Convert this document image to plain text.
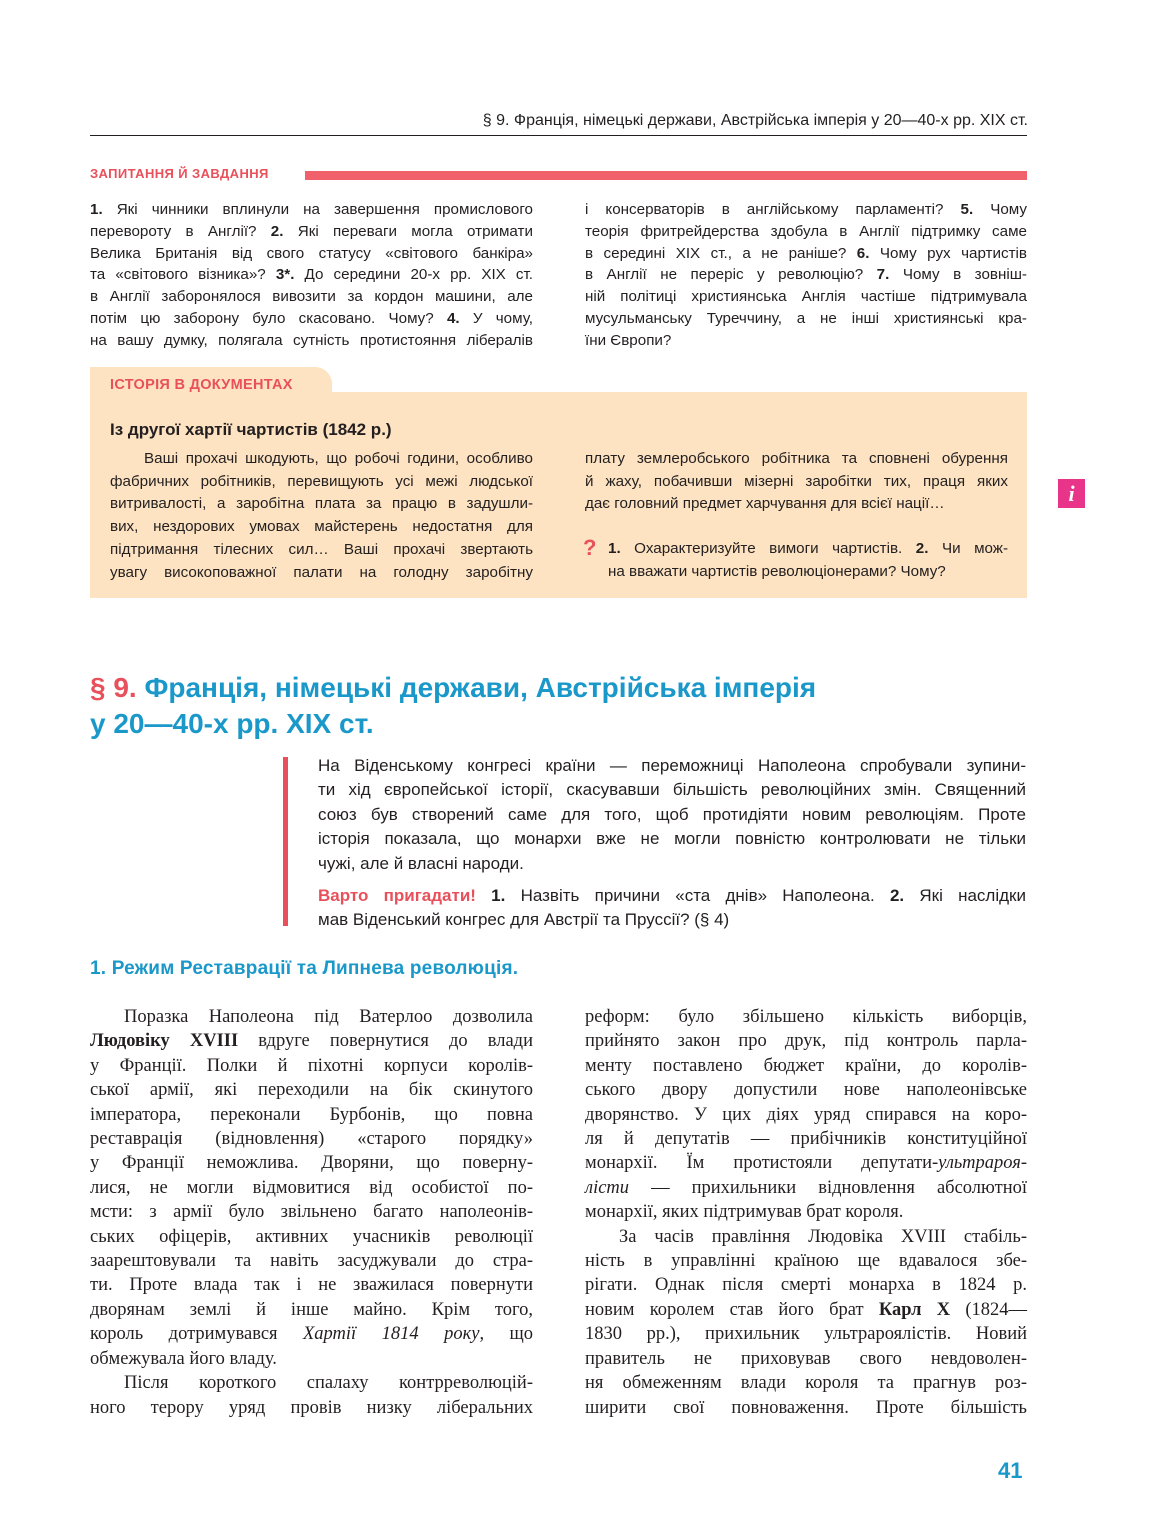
§ 9. Франція, німецькі держави, Австрійська імперія у 20—40-х рр. ХІХ ст.
ЗАПИТАННЯ Й ЗАВДАННЯ
1. Які чинники вплинули на завершення промислового
перевороту в Англії? 2. Які переваги могла отримати
Велика Британія від свого статусу «світового банкіра»
та «світового візника»? 3*. До середини 20-х рр. ХІХ ст.
в Англії заборонялося вивозити за кордон машини, але
потім цю заборону було скасовано. Чому? 4. У чому,
на вашу думку, полягала сутність протистояння лібералів
і консерваторів в англійському парламенті? 5. Чому
теорія фритрейдерства здобула в Англії підтримку саме
в середині ХІХ ст., а не раніше? 6. Чому рух чартистів
в Англії не переріс у революцію? 7. Чому в зовніш-
ній політиці християнська Англія частіше підтримувала
мусульманську Туреччину, а не інші християнські кра-
їни Європи?
ІСТОРІЯ В ДОКУМЕНТАХ
Із другої хартії чартистів (1842 р.)
Ваші прохачі шкодують, що робочі години, особливо
фабричних робітників, перевищують усі межі людської
витривалості, а заробітна плата за працю в задушли-
вих, нездорових умовах майстерень недостатня для
підтримання тілесних сил… Ваші прохачі звертають
увагу високоповажної палати на голодну заробітну
плату землеробського робітника та сповнені обурення
й жаху, побачивши мізерні заробітки тих, праця яких
дає головний предмет харчування для всієї нації…
? 1. Охарактеризуйте вимоги чартистів. 2. Чи мож-
на вважати чартистів революціонерами? Чому?
i
§ 9. Франція, німецькі держави, Австрійська імперія
у 20—40-х рр. ХІХ ст.
На Віденському конгресі країни — переможниці Наполеона спробували зупини-
ти хід європейської історії, скасувавши більшість революційних змін. Священний
союз був створений саме для того, щоб протидіяти новим революціям. Проте
історія показала, що монархи вже не могли повністю контролювати не тільки
чужі, але й власні народи.
Варто пригадати! 1. Назвіть причини «ста днів» Наполеона. 2. Які наслідки
мав Віденський конгрес для Австрії та Пруссії? (§ 4)
1. Режим Реставрації та Липнева революція.
Поразка Наполеона під Ватерлоо дозволила
Людовіку XVIII вдруге повернутися до влади
у Франції. Полки й піхотні корпуси королів-
ської армії, які переходили на бік скинутого
імператора, переконали Бурбонів, що повна
реставрація (відновлення) «старого порядку»
у Франції неможлива. Дворяни, що поверну-
лися, не могли відмовитися від особистої по-
мсти: з армії було звільнено багато наполеонів-
ських офіцерів, активних учасників революції
заарештовували та навіть засуджували до стра-
ти. Проте влада так і не зважилася повернути
дворянам землі й інше майно. Крім того,
король дотримувався Хартії 1814 року, що
обмежувала його владу.
Після короткого спалаху контрреволюцій-
ного терору уряд провів низку ліберальних
реформ: було збільшено кількість виборців,
прийнято закон про друк, під контроль парла-
менту поставлено бюджет країни, до королів-
ського двору допустили нове наполеонівське
дворянство. У цих діях уряд спирався на коро-
ля й депутатів — прибічників конституційної
монархії. Їм протистояли депутати-ультрароя-
лісти — прихильники відновлення абсолютної
монархії, яких підтримував брат короля.
За часів правління Людовіка XVIII стабіль-
ність в управлінні країною ще вдавалося збе-
рігати. Однак після смерті монарха в 1824 р.
новим королем став його брат Карл X (1824—
1830 рр.), прихильник ультрароялістів. Новий
правитель не приховував свого невдоволен-
ня обмеженням влади короля та прагнув роз-
ширити свої повноваження. Проте більшість
41
